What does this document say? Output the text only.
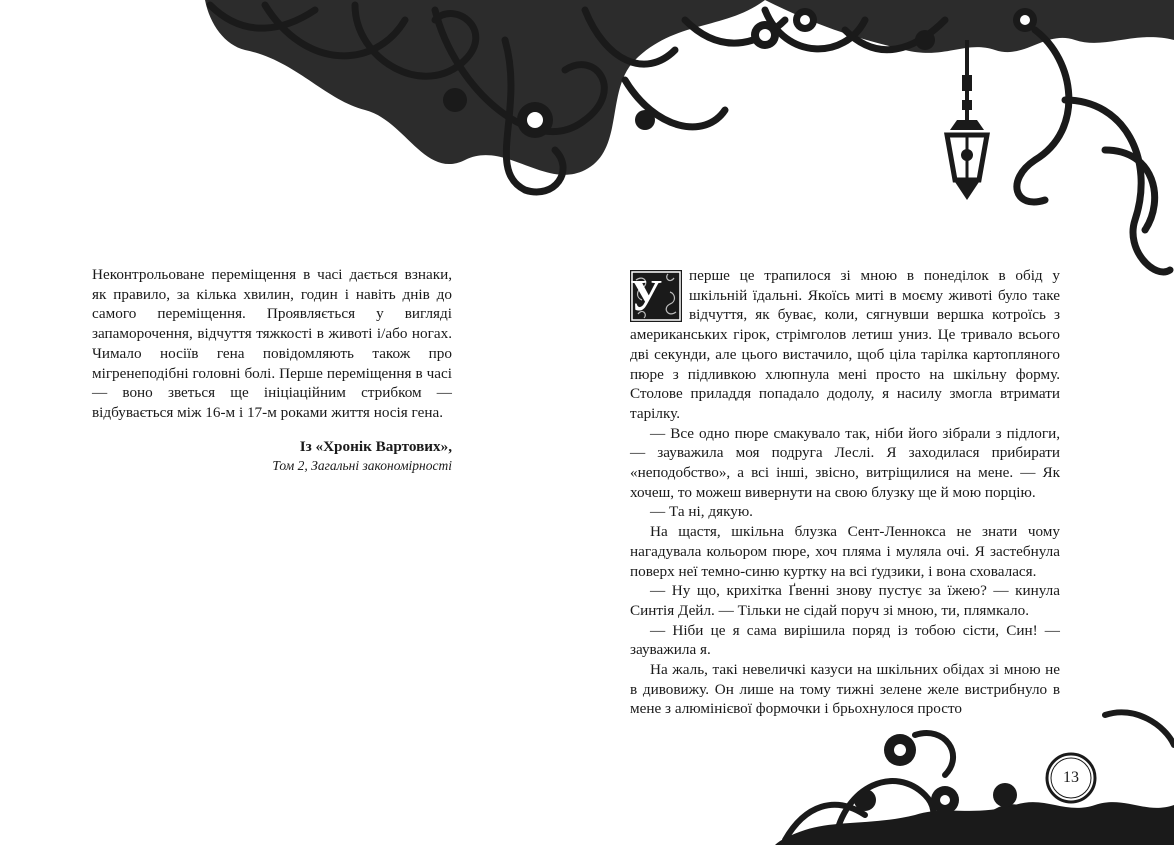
Неконтрольоване переміщення в часі дається взнаки, як правило, за кілька хвилин, годин і навіть днів до самого переміщення. Проявляється у вигляді запаморочення, відчуття тяжкості в животі і/або ногах. Чимало носіїв гена повідомляють також про мігренеподібні головні болі. Перше переміщення в часі — воно зветься ще ініціаційним стрибком — відбувається між 16-м і 17-м роками життя носія гена.

Із «Хронік Вартових»,
Том 2, Загальні закономірності

У	перше це трапилося зі мною в понеділок в обід у шкільній їдальні. Якоїсь миті в моєму животі було таке відчуття, як буває, коли, сягнувши вершка котроїсь з американських гірок, стрімголов летиш униз. Це тривало всього дві секунди, але цього вистачило, щоб ціла тарілка картопляного пюре з підливкою хлюпнула мені просто на шкільну форму. Столове приладдя попадало додолу, я насилу змогла втримати тарілку.

— Все одно пюре смакувало так, ніби його зібрали з підлоги, — зауважила моя подруга Леслі. Я заходилася прибирати «неподобство», а всі інші, звісно, витріщилися на мене. — Як хочеш, то можеш вивернути на свою блузку ще й мою порцію.

— Та ні, дякую.

На щастя, шкільна блузка Сент-Леннокса не знати чому нагадувала кольором пюре, хоч пляма і муляла очі. Я застебнула поверх неї темно-синю куртку на всі ґудзики, і вона сховалася.

— Ну що, крихітка Ґвенні знову пустує за їжею? — кинула Синтія Дейл. — Тільки не сідай поруч зі мною, ти, плямкало.

— Ніби це я сама вирішила поряд із тобою сісти, Син! — зауважила я.

На жаль, такі невеличкі казуси на шкільних обідах зі мною не в дивовижу. Он лише на тому тижні зелене желе вистрибнуло в мене з алюмінієвої формочки і брьохнулося просто

13
